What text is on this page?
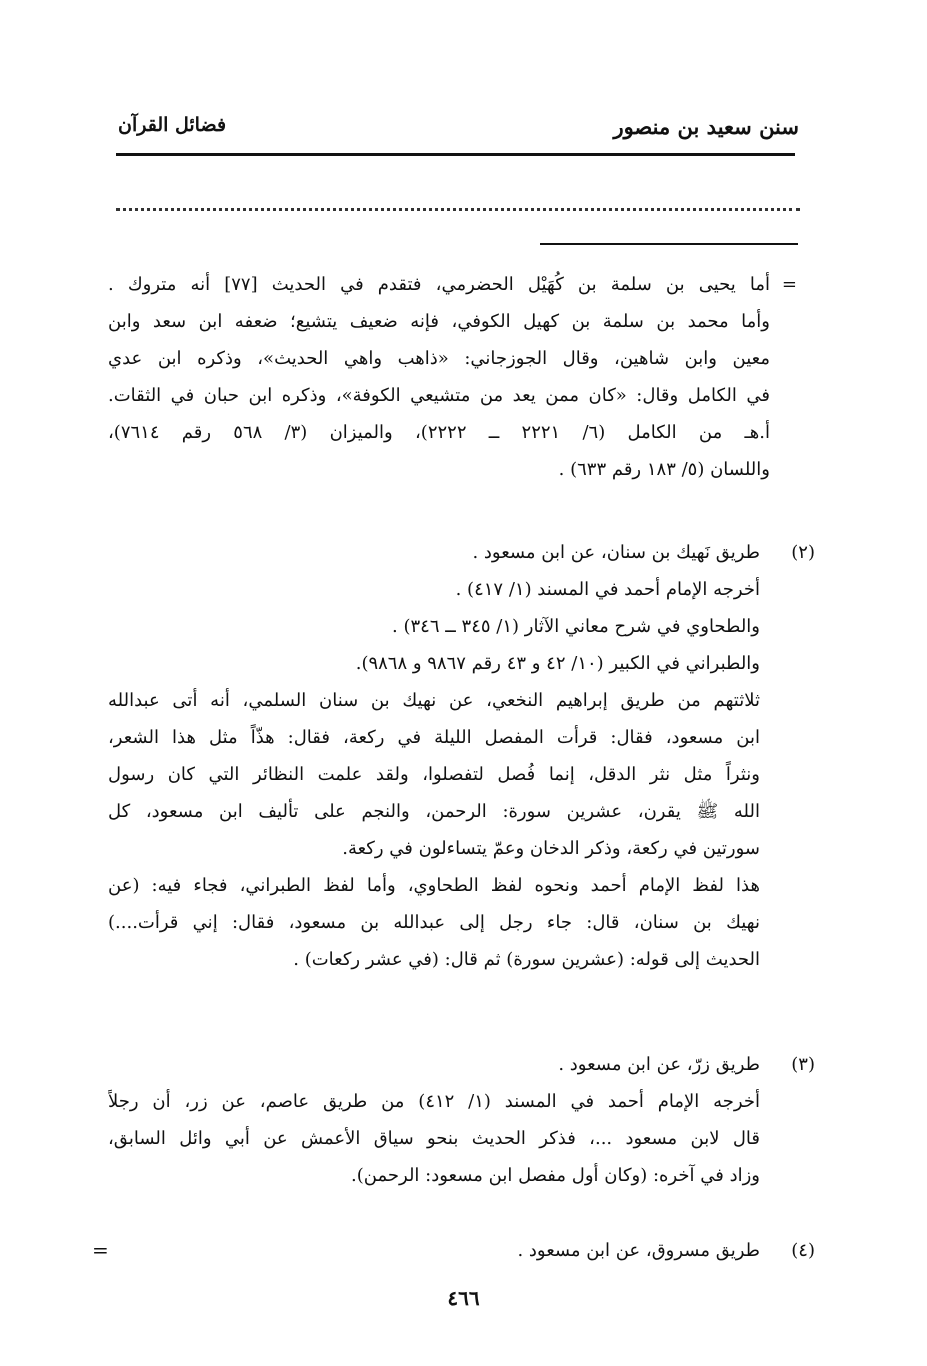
سنن سعيد بن منصور
فضائل القرآن
=
أما يحيى بن سلمة بن كُهَيْل الحضرمي، فتقدم في الحديث [٧٧] أنه متروك .
وأما محمد بن سلمة بن كهيل الكوفي، فإنه ضعيف يتشيع؛ ضعفه ابن سعد وابن
معين وابن شاهين، وقال الجوزجاني: «ذاهب واهي الحديث»، وذكره ابن عدي
في الكامل وقال: «كان ممن يعد من متشيعي الكوفة»، وذكره ابن حبان في الثقات.
أ.هـ من الكامل (٦/ ٢٢٢١ ــ ٢٢٢٢)، والميزان (٣/ ٥٦٨ رقم ٧٦١٤)،
واللسان (٥/ ١٨٣ رقم ٦٣٣) .
(٢)
طريق نَهيك بن سنان، عن ابن مسعود .
أخرجه الإمام أحمد في المسند (١/ ٤١٧) .
والطحاوي في شرح معاني الآثار (١/ ٣٤٥ ــ ٣٤٦) .
والطبراني في الكبير (١٠/ ٤٢ و ٤٣ رقم ٩٨٦٧ و ٩٨٦٨).
ثلاثتهم من طريق إبراهيم النخعي، عن نهيك بن سنان السلمي، أنه أتى عبدالله
ابن مسعود، فقال: قرأت المفصل الليلة في ركعة، فقال: هذّاً مثل هذا الشعر،
ونثراً مثل نثر الدقل، إنما فُصل لتفصلوا، ولقد علمت النظائر التي كان رسول
الله ﷺ يقرن، عشرين سورة: الرحمن، والنجم على تأليف ابن مسعود، كل
سورتين في ركعة، وذكر الدخان وعمّ يتساءلون في ركعة.
هذا لفظ الإمام أحمد ونحوه لفظ الطحاوي، وأما لفظ الطبراني، فجاء فيه: (عن
نهيك بن سنان، قال: جاء رجل إلى عبدالله بن مسعود، فقال: إني قرأت....)
الحديث إلى قوله: (عشرين سورة) ثم قال: (في عشر ركعات) .
(٣)
طريق زرّ، عن ابن مسعود .
أخرجه الإمام أحمد في المسند (١/ ٤١٢) من طريق عاصم، عن زر، أن رجلاً
قال لابن مسعود ...، فذكر الحديث بنحو سياق الأعمش عن أبي وائل السابق،
وزاد في آخره: (وكان أول مفصل ابن مسعود: الرحمن).
(٤)
طريق مسروق، عن ابن مسعود .
=
٤٦٦
